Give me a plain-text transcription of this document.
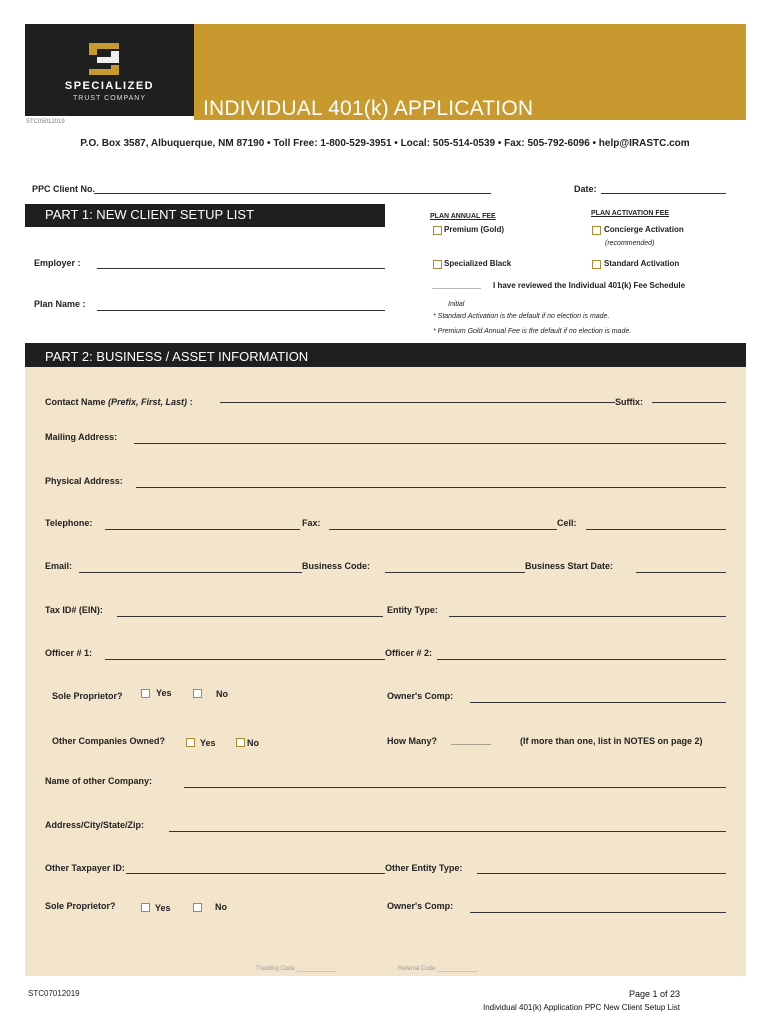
SPECIALIZED
TRUST COMPANY
STC05012019
INDIVIDUAL 401(k) APPLICATION
P.O. Box 3587, Albuquerque, NM 87190 • Toll Free: 1-800-529-3951 • Local: 505-514-0539 • Fax: 505-792-6096 • help@IRASTC.com
PPC Client No.	Date:
PART 1: NEW CLIENT SETUP LIST
Employer :
Plan Name :
PLAN ANNUAL FEE	PLAN ACTIVATION FEE
Premium (Gold)	Concierge Activation
(recommended)
Specialized Black	Standard Activation
___________ I have reviewed the Individual 401(k) Fee Schedule
Initial
* Standard Activation is the default if no election is made.
* Premium Gold Annual Fee is the default if no election is made.
PART 2: BUSINESS / ASSET INFORMATION
Contact Name (Prefix, First, Last) :	Suffix:
Mailing Address:
Physical Address:
Telephone:	Fax:	Cell:
Email:	Business Code:	Business Start Date:
Tax ID# (EIN):	Entity Type:
Officer # 1:	Officer # 2:
Sole Proprietor?	Yes	No	Owner's Comp:
Other Companies Owned?	Yes	No	How Many? ________	(If more than one, list in NOTES on page 2)
Name of other Company:
Address/City/State/Zip:
Other Taxpayer ID:	Other Entity Type:
Sole Proprietor?	Yes	No	Owner's Comp:
Tracking Code ____________	Referral Code ____________
STC07012019	Page 1 of 23
Individual 401(k) Application PPC New Client Setup List
